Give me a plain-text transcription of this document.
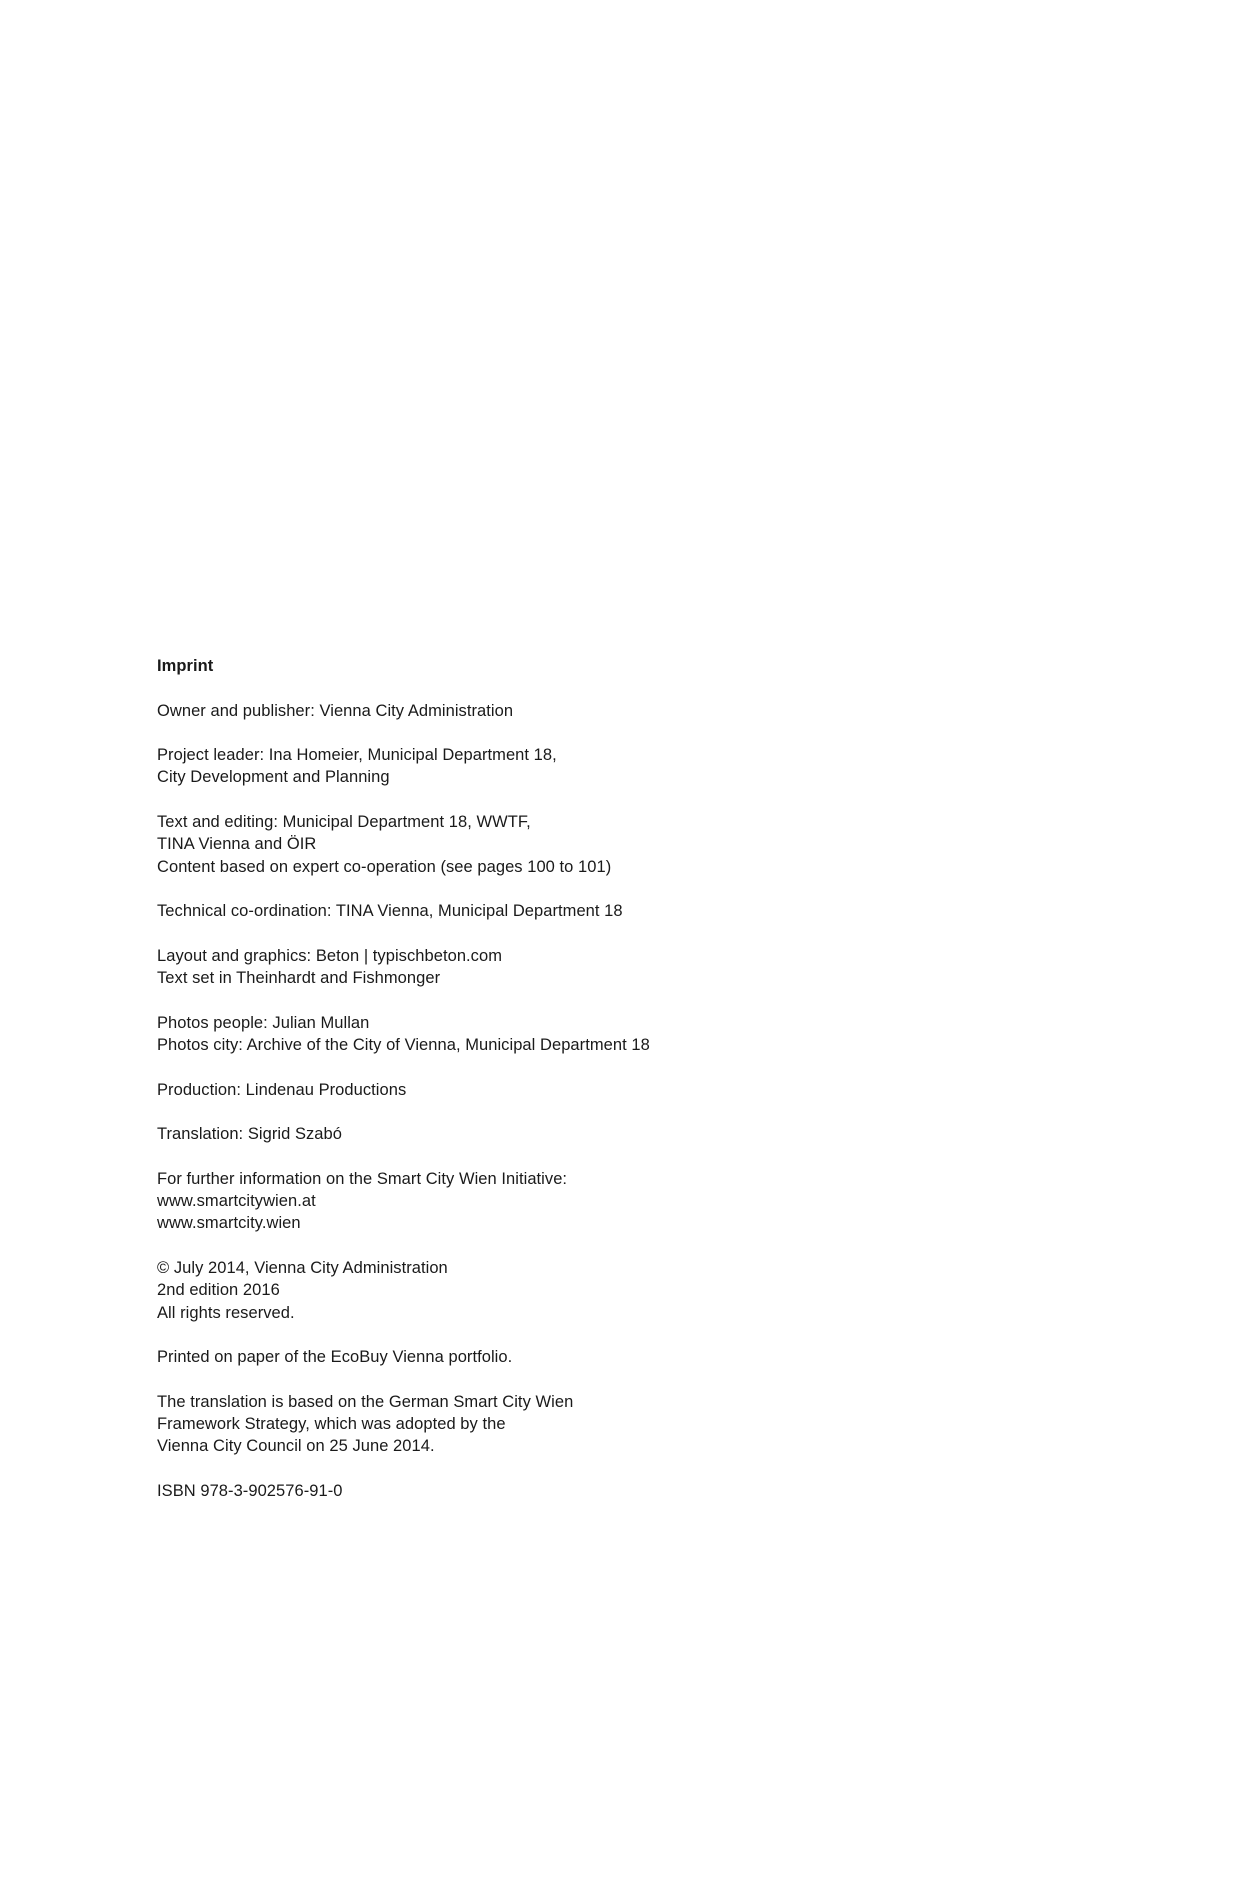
Imprint
Owner and publisher: Vienna City Administration
Project leader: Ina Homeier, Municipal Department 18,
City Development and Planning
Text and editing: Municipal Department 18, WWTF,
TINA Vienna and ÖIR
Content based on expert co-operation (see pages 100 to 101)
Technical co-ordination: TINA Vienna, Municipal Department 18
Layout and graphics: Beton | typischbeton.com
Text set in Theinhardt and Fishmonger
Photos people: Julian Mullan
Photos city: Archive of the City of Vienna, Municipal Department 18
Production: Lindenau Productions
Translation: Sigrid Szabó
For further information on the Smart City Wien Initiative:
www.smartcitywien.at
www.smartcity.wien
© July 2014, Vienna City Administration
2nd edition 2016
All rights reserved.
Printed on paper of the EcoBuy Vienna portfolio.
The translation is based on the German Smart City Wien
Framework Strategy, which was adopted by the
Vienna City Council on 25 June 2014.
ISBN 978-3-902576-91-0
